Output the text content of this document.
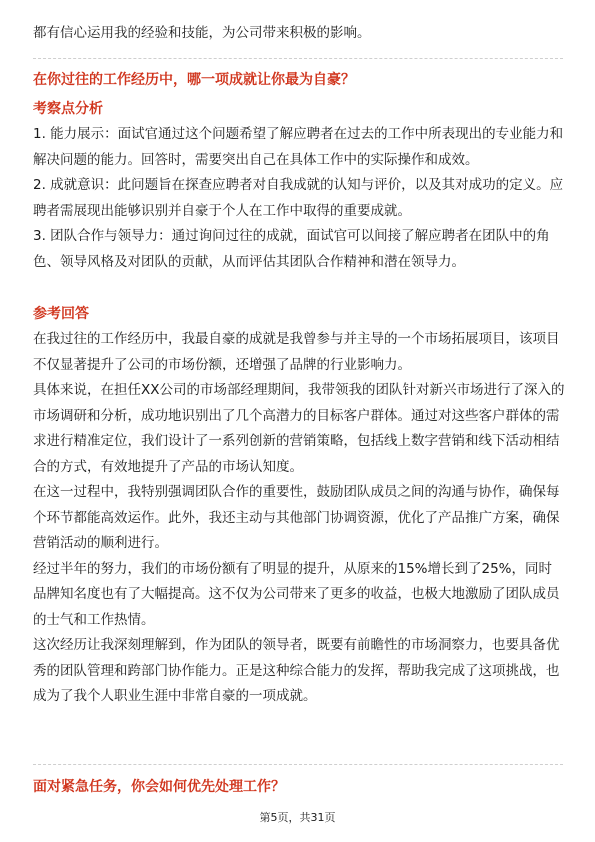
都有信心运用我的经验和技能，为公司带来积极的影响。
在你过往的工作经历中，哪一项成就让你最为自豪？
考察点分析

1. 能力展示：面试官通过这个问题希望了解应聘者在过去的工作中所表现出的专业能力和解决问题的能力。回答时，需要突出自己在具体工作中的实际操作和成效。

2. 成就意识：此问题旨在探查应聘者对自我成就的认知与评价，以及其对成功的定义。应聘者需展现出能够识别并自豪于个人在工作中取得的重要成就。

3. 团队合作与领导力：通过询问过往的成就，面试官可以间接了解应聘者在团队中的角色、领导风格及对团队的贡献，从而评估其团队合作精神和潜在领导力。

参考回答

在我过往的工作经历中，我最自豪的成就是我曾参与并主导的一个市场拓展项目，该项目不仅显著提升了公司的市场份额，还增强了品牌的行业影响力。

具体来说，在担任XX公司的市场部经理期间，我带领我的团队针对新兴市场进行了深入的市场调研和分析，成功地识别出了几个高潜力的目标客户群体。通过对这些客户群体的需求进行精准定位，我们设计了一系列创新的营销策略，包括线上数字营销和线下活动相结合的方式，有效地提升了产品的市场认知度。

在这一过程中，我特别强调团队合作的重要性，鼓励团队成员之间的沟通与协作，确保每个环节都能高效运作。此外，我还主动与其他部门协调资源，优化了产品推广方案，确保营销活动的顺利进行。

经过半年的努力，我们的市场份额有了明显的提升，从原来的15%增长到了25%，同时品牌知名度也有了大幅提高。这不仅为公司带来了更多的收益，也极大地激励了团队成员的士气和工作热情。

这次经历让我深刻理解到，作为团队的领导者，既要有前瞻性的市场洞察力，也要具备优秀的团队管理和跨部门协作能力。正是这种综合能力的发挥，帮助我完成了这项挑战，也成为了我个人职业生涯中非常自豪的一项成就。

面对紧急任务，你会如何优先处理工作？
第5页，共31页
